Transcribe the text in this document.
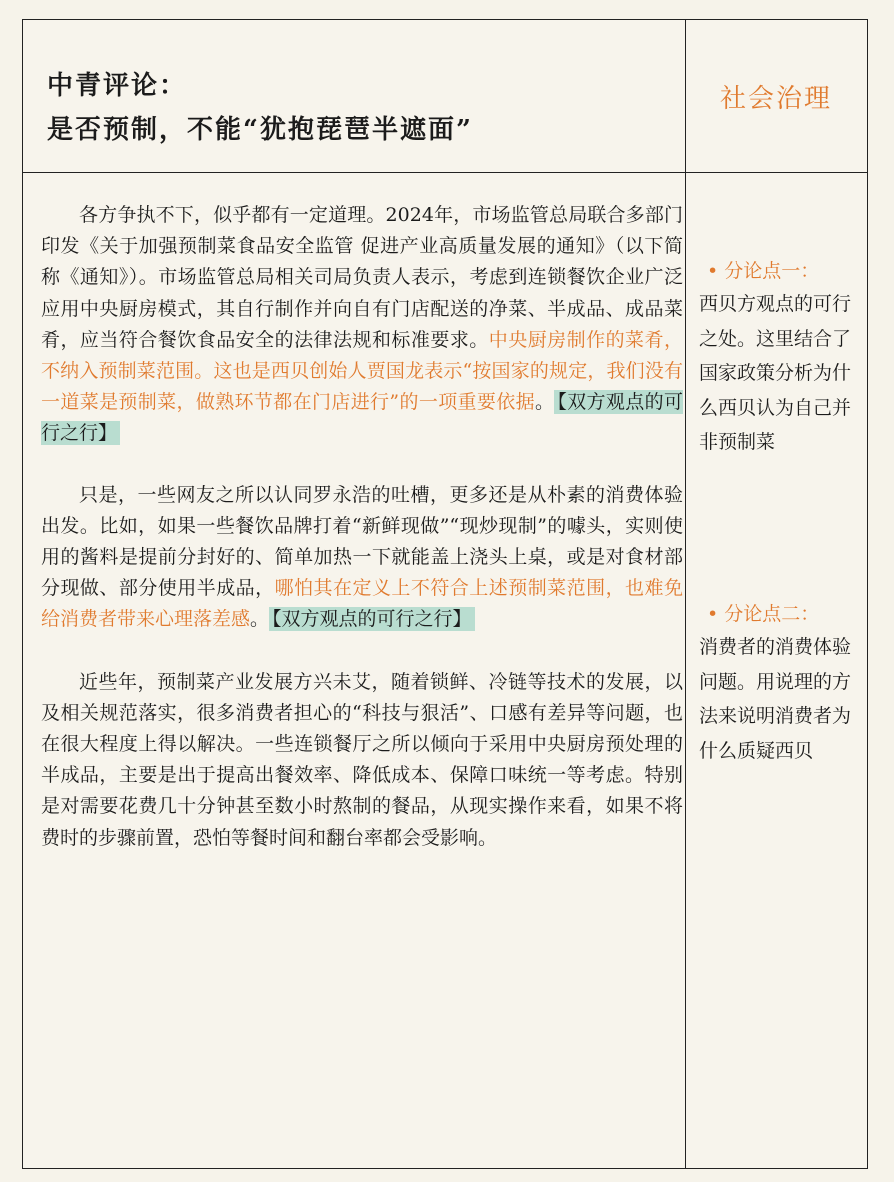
中青评论：
是否预制，不能“犹抱琵琶半遮面”
社会治理

各方争执不下，似乎都有一定道理。2024年，市场监管总局联合多部门印发《关于加强预制菜食品安全监管 促进产业高质量发展的通知》（以下简称《通知》）。市场监管总局相关司局负责人表示，考虑到连锁餐饮企业广泛应用中央厨房模式，其自行制作并向自有门店配送的净菜、半成品、成品菜肴，应当符合餐饮食品安全的法律法规和标准要求。中央厨房制作的菜肴，不纳入预制菜范围。这也是西贝创始人贾国龙表示“按国家的规定，我们没有一道菜是预制菜，做熟环节都在门店进行”的一项重要依据。 【双方观点的可行之行】

只是，一些网友之所以认同罗永浩的吐槽，更多还是从朴素的消费体验出发。比如，如果一些餐饮品牌打着“新鲜现做”“现炒现制”的噱头，实则使用的酱料是提前分封好的、简单加热一下就能盖上浇头上桌，或是对食材部分现做、部分使用半成品，哪怕其在定义上不符合上述预制菜范围，也难免给消费者带来心理落差感。 【双方观点的可行之行】

近些年，预制菜产业发展方兴未艾，随着锁鲜、冷链等技术的发展，以及相关规范落实，很多消费者担心的“科技与狠活”、口感有差异等问题，也在很大程度上得以解决。一些连锁餐厅之所以倾向于采用中央厨房预处理的半成品，主要是出于提高出餐效率、降低成本、保障口味统一等考虑。特别是对需要花费几十分钟甚至数小时熬制的餐品，从现实操作来看，如果不将费时的步骤前置，恐怕等餐时间和翻台率都会受影响。

• 分论点一：

西贝方观点的可行之处。这里结合了国家政策分析为什么西贝认为自己并非预制菜

• 分论点二：

消费者的消费体验问题。用说理的方法来说明消费者为什么质疑西贝
